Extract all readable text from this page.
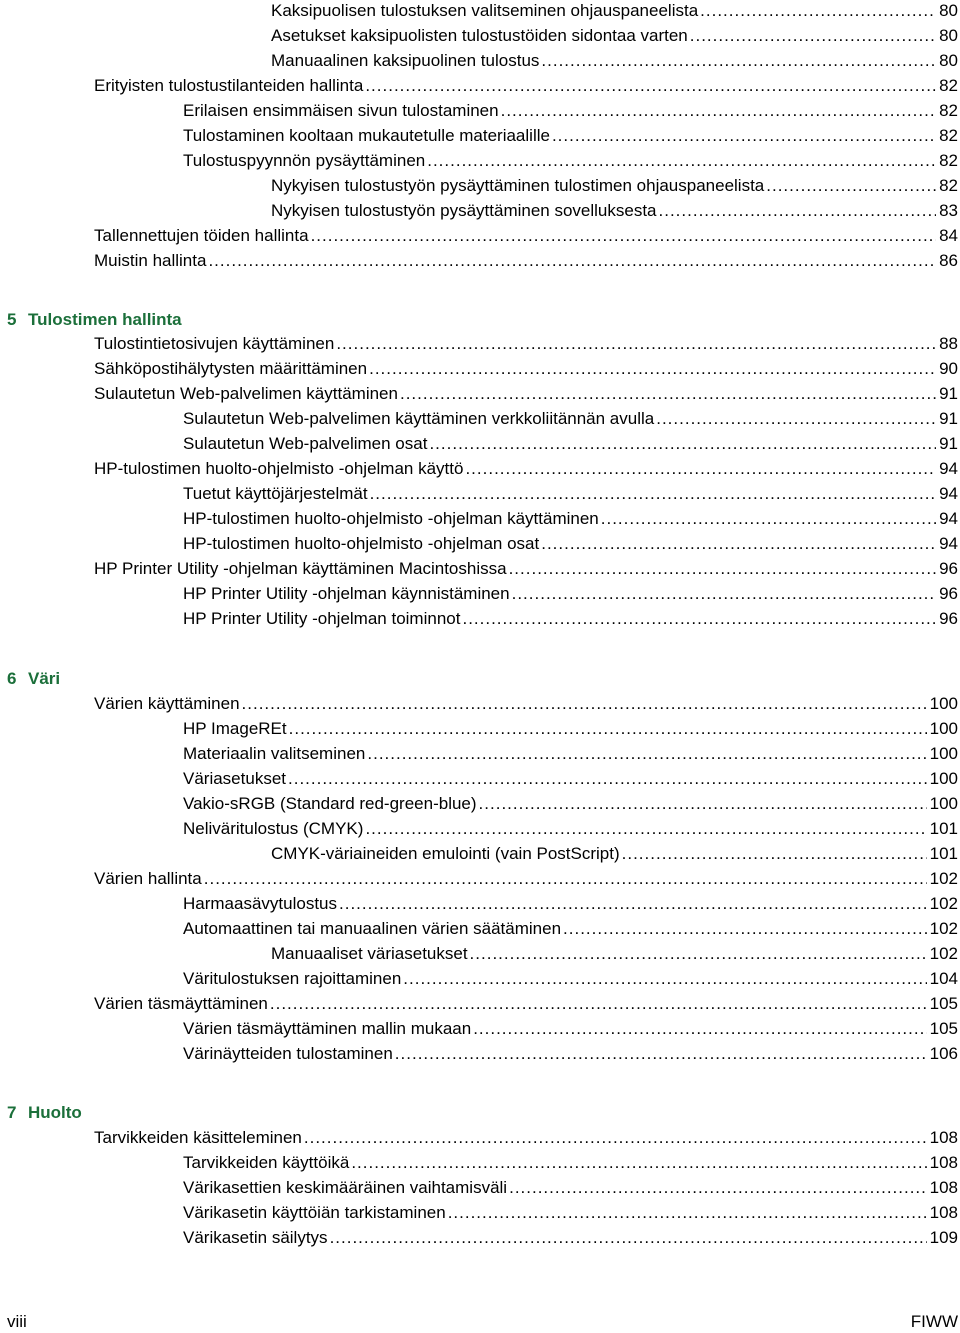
Kaksipuolisen tulostuksen valitseminen ohjauspaneelista .....	80
Asetukset kaksipuolisten tulostustöiden sidontaa varten .....	80
Manuaalinen kaksipuolinen tulostus .....	80
Erityisten tulostustilanteiden hallinta .....	82
Erilaisen ensimmäisen sivun tulostaminen .....	82
Tulostaminen kooltaan mukautetulle materiaalille .....	82
Tulostuspyynnön pysäyttäminen .....	82
Nykyisen tulostustyön pysäyttäminen tulostimen ohjauspaneelista .....	82
Nykyisen tulostustyön pysäyttäminen sovelluksesta .....	83
Tallennettujen töiden hallinta .....	84
Muistin hallinta .....	86
5 Tulostimen hallinta
Tulostintietosivujen käyttäminen .....	88
Sähköpostihälytysten määrittäminen .....	90
Sulautetun Web-palvelimen käyttäminen .....	91
Sulautetun Web-palvelimen käyttäminen verkkoliitännän avulla .....	91
Sulautetun Web-palvelimen osat .....	91
HP-tulostimen huolto-ohjelmisto -ohjelman käyttö .....	94
Tuetut käyttöjärjestelmät .....	94
HP-tulostimen huolto-ohjelmisto -ohjelman käyttäminen .....	94
HP-tulostimen huolto-ohjelmisto -ohjelman osat .....	94
HP Printer Utility -ohjelman käyttäminen Macintoshissa .....	96
HP Printer Utility -ohjelman käynnistäminen .....	96
HP Printer Utility -ohjelman toiminnot .....	96
6 Väri
Värien käyttäminen .....	100
HP ImageREt .....	100
Materiaalin valitseminen .....	100
Väriasetukset .....	100
Vakio-sRGB (Standard red-green-blue) .....	100
Neliväritulostus (CMYK) .....	101
CMYK-väriaineiden emulointi (vain PostScript) .....	101
Värien hallinta .....	102
Harmaasävytulostus .....	102
Automaattinen tai manuaalinen värien säätäminen .....	102
Manuaaliset väriasetukset .....	102
Väritulostuksen rajoittaminen .....	104
Värien täsmäyttäminen .....	105
Värien täsmäyttäminen mallin mukaan .....	105
Värinäytteiden tulostaminen .....	106
7 Huolto
Tarvikkeiden käsitteleminen .....	108
Tarvikkeiden käyttöikä .....	108
Värikasettien keskimääräinen vaihtamisväli .....	108
Värikasetin käyttöiän tarkistaminen .....	108
Värikasetin säilytys .....	109
viii	FIWW
